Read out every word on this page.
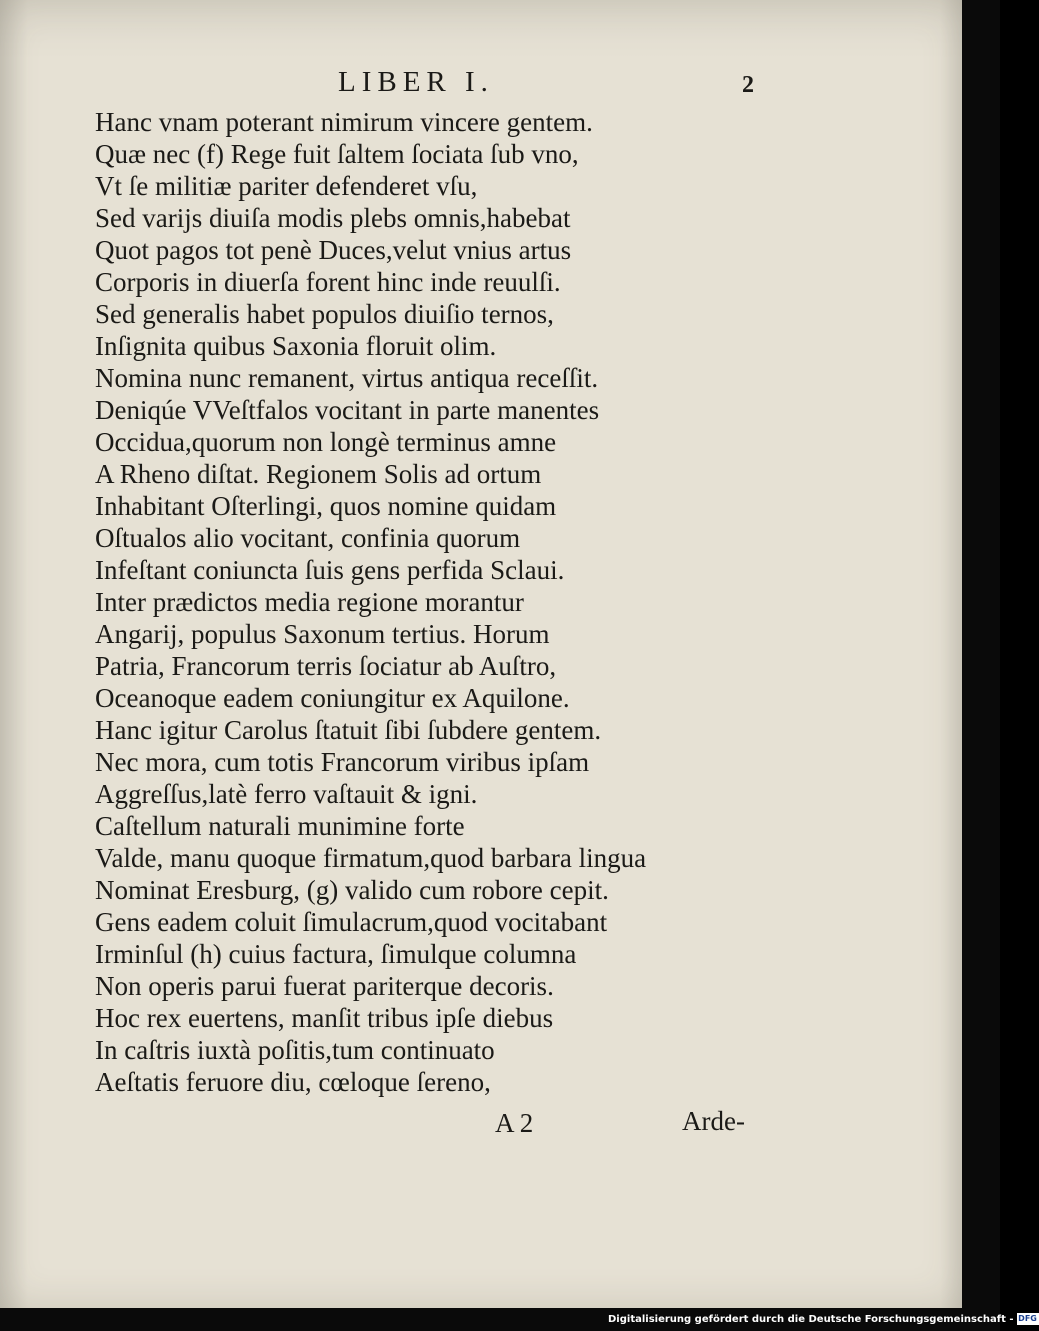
LIBER I.	2
Hanc vnam poterant nimirum vincere gentem.
Quæ nec (f) Rege fuit ſaltem ſociata ſub vno,
Vt ſe militiæ pariter defenderet vſu,
Sed varijs diuiſa modis plebs omnis,habebat
Quot pagos tot penè Duces,velut vnius artus
Corporis in diuerſa forent hinc inde reuulſi.
Sed generalis habet populos diuiſio ternos,
Inſignita quibus Saxonia floruit olim.
Nomina nunc remanent, virtus antiqua receſſit.
Deniqúe VVeſtfalos vocitant in parte manentes
Occidua,quorum non longè terminus amne
A Rheno diſtat. Regionem Solis ad ortum
Inhabitant Oſterlingi, quos nomine quidam
Oſtualos alio vocitant, confinia quorum
Infeſtant coniuncta ſuis gens perfida Sclaui.
Inter prædictos media regione morantur
Angarij, populus Saxonum tertius. Horum
Patria, Francorum terris ſociatur ab Auſtro,
Oceanoque eadem coniungitur ex Aquilone.
Hanc igitur Carolus ſtatuit ſibi ſubdere gentem.
Nec mora, cum totis Francorum viribus ipſam
Aggreſſus,latè ferro vaſtauit & igni.
Caſtellum naturali munimine forte
Valde, manu quoque firmatum,quod barbara lingua
Nominat Eresburg, (g) valido cum robore cepit.
Gens eadem coluit ſimulacrum,quod vocitabant
Irminſul (h) cuius factura, ſimulque columna
Non operis parui fuerat pariterque decoris.
Hoc rex euertens, manſit tribus ipſe diebus
In caſtris iuxtà poſitis,tum continuato
Aeſtatis feruore diu, cœloque ſereno,
A 2	Arde-
Digitalisierung gefördert durch die Deutsche Forschungsgemeinschaft - DFG
